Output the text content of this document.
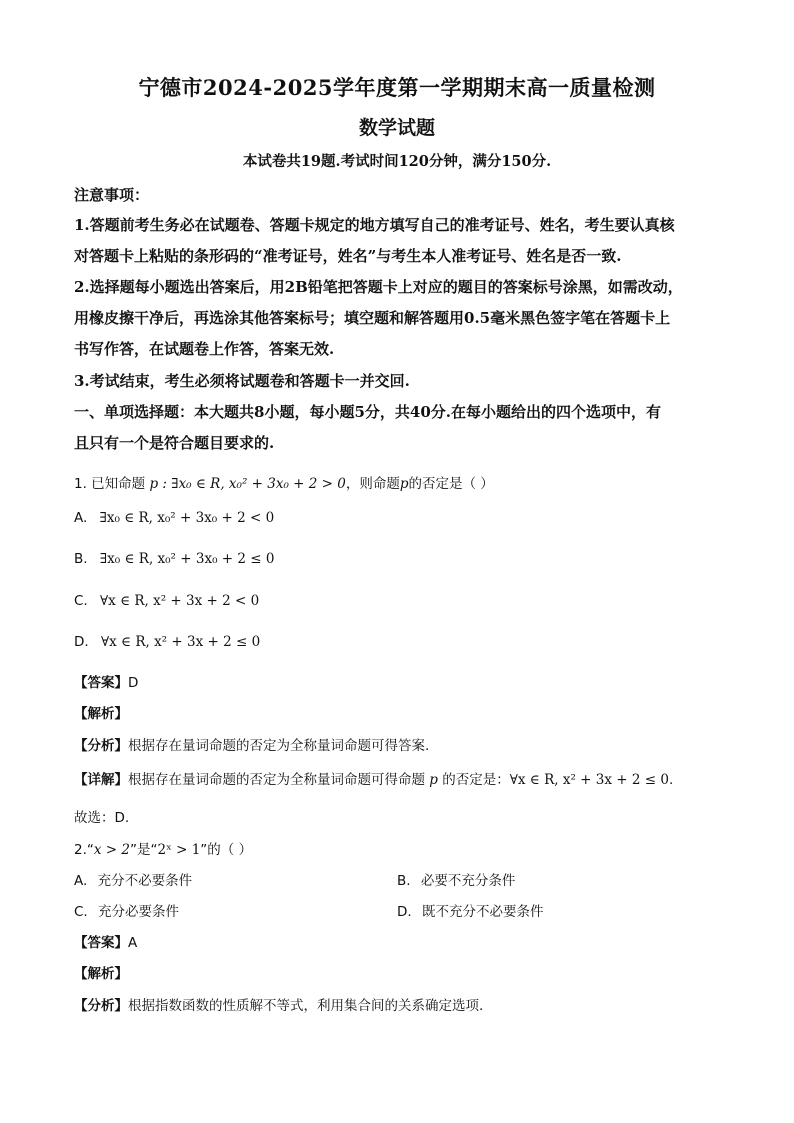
宁德市2024-2025学年度第一学期期末高一质量检测
数学试题
本试卷共19题.考试时间120分钟，满分150分.
注意事项：
1.答题前考生务必在试题卷、答题卡规定的地方填写自己的准考证号、姓名，考生要认真核
对答题卡上粘贴的条形码的“准考证号，姓名”与考生本人准考证号、姓名是否一致.
2.选择题每小题选出答案后，用2B铅笔把答题卡上对应的题目的答案标号涂黑，如需改动，
用橡皮擦干净后，再选涂其他答案标号；填空题和解答题用0.5毫米黑色签字笔在答题卡上
书写作答，在试题卷上作答，答案无效.
3.考试结束，考生必须将试题卷和答题卡一并交回.
一、单项选择题：本大题共8小题，每小题5分，共40分.在每小题给出的四个选项中，有
且只有一个是符合题目要求的.
1. 已知命题 p : ∃x₀ ∈ R, x₀² + 3x₀ + 2 > 0，则命题p的否定是（ ）
A. ∃x₀ ∈ R, x₀² + 3x₀ + 2 < 0
B. ∃x₀ ∈ R, x₀² + 3x₀ + 2 ≤ 0
C. ∀x ∈ R, x² + 3x + 2 < 0
D. ∀x ∈ R, x² + 3x + 2 ≤ 0
【答案】D
【解析】
【分析】根据存在量词命题的否定为全称量词命题可得答案.
【详解】根据存在量词命题的否定为全称量词命题可得命题 p 的否定是：∀x ∈ R, x² + 3x + 2 ≤ 0.
故选：D.
2.“x > 2”是“2ˣ > 1”的（ ）
A. 充分不必要条件	B. 必要不充分条件
C. 充分必要条件	D. 既不充分不必要条件
【答案】A
【解析】
【分析】根据指数函数的性质解不等式，利用集合间的关系确定选项.
